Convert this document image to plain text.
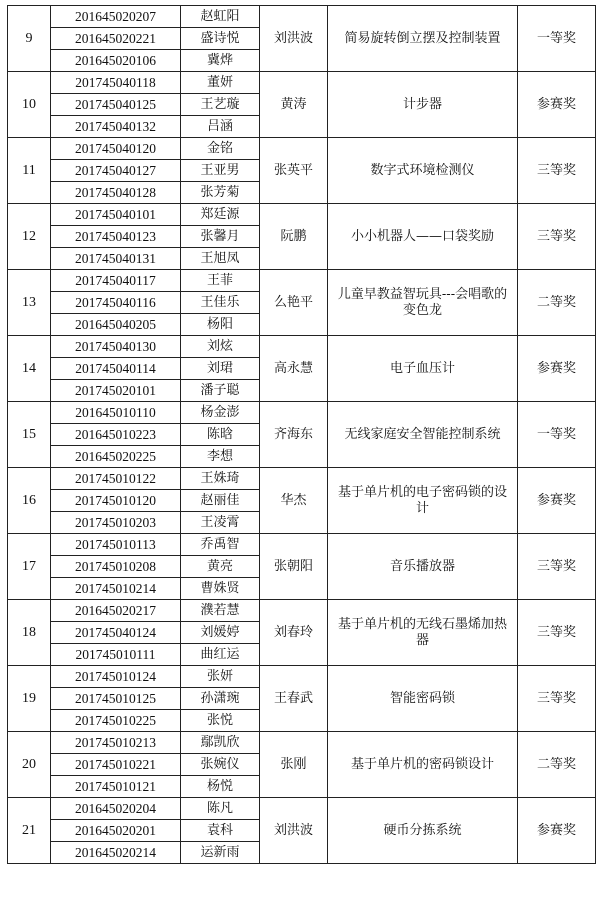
9	201645020207	赵虹阳	刘洪波	简易旋转倒立摆及控制装置	一等奖
	201645020221	盛诗悦			
	201645020106	冀烨			
10	201745040118	董妍	黄涛	计步器	参赛奖
	201745040125	王艺璇			
	201745040132	吕涵			
11	201745040120	金铭	张英平	数字式环境检测仪	三等奖
	201745040127	王亚男			
	201745040128	张芳菊			
12	201745040101	郑廷源	阮鹏	小小机器人——口袋奖励	三等奖
	201745040123	张馨月			
	201745040131	王旭凤			
13	201745040117	王菲	么艳平	儿童早教益智玩具---会唱歌的变色龙	二等奖
	201745040116	王佳乐			
	201645040205	杨阳			
14	201745040130	刘炫	高永慧	电子血压计	参赛奖
	201745040114	刘珺			
	201745020101	潘子聪			
15	201645010110	杨金澎	齐海东	无线家庭安全智能控制系统	一等奖
	201645010223	陈晗			
	201645020225	李想			
16	201745010122	王姝琦	华杰	基于单片机的电子密码锁的设计	参赛奖
	201745010120	赵丽佳			
	201745010203	王凌霄			
17	201745010113	乔禹智	张朝阳	音乐播放器	三等奖
	201745010208	黄亮			
	201745010214	曹姝贤			
18	201645020217	濮若慧	刘春玲	基于单片机的无线石墨烯加热器	三等奖
	201745040124	刘媛婷			
	201745010111	曲红运			
19	201745010124	张妍	王春武	智能密码锁	三等奖
	201745010125	孙潇琬			
	201745010225	张悦			
20	201745010213	鄢凯欣	张刚	基于单片机的密码锁设计	二等奖
	201745010221	张婉仪			
	201745010121	杨悦			
21	201645020204	陈凡	刘洪波	硬币分拣系统	参赛奖
	201645020201	袁科			
	201645020214	运新雨			
